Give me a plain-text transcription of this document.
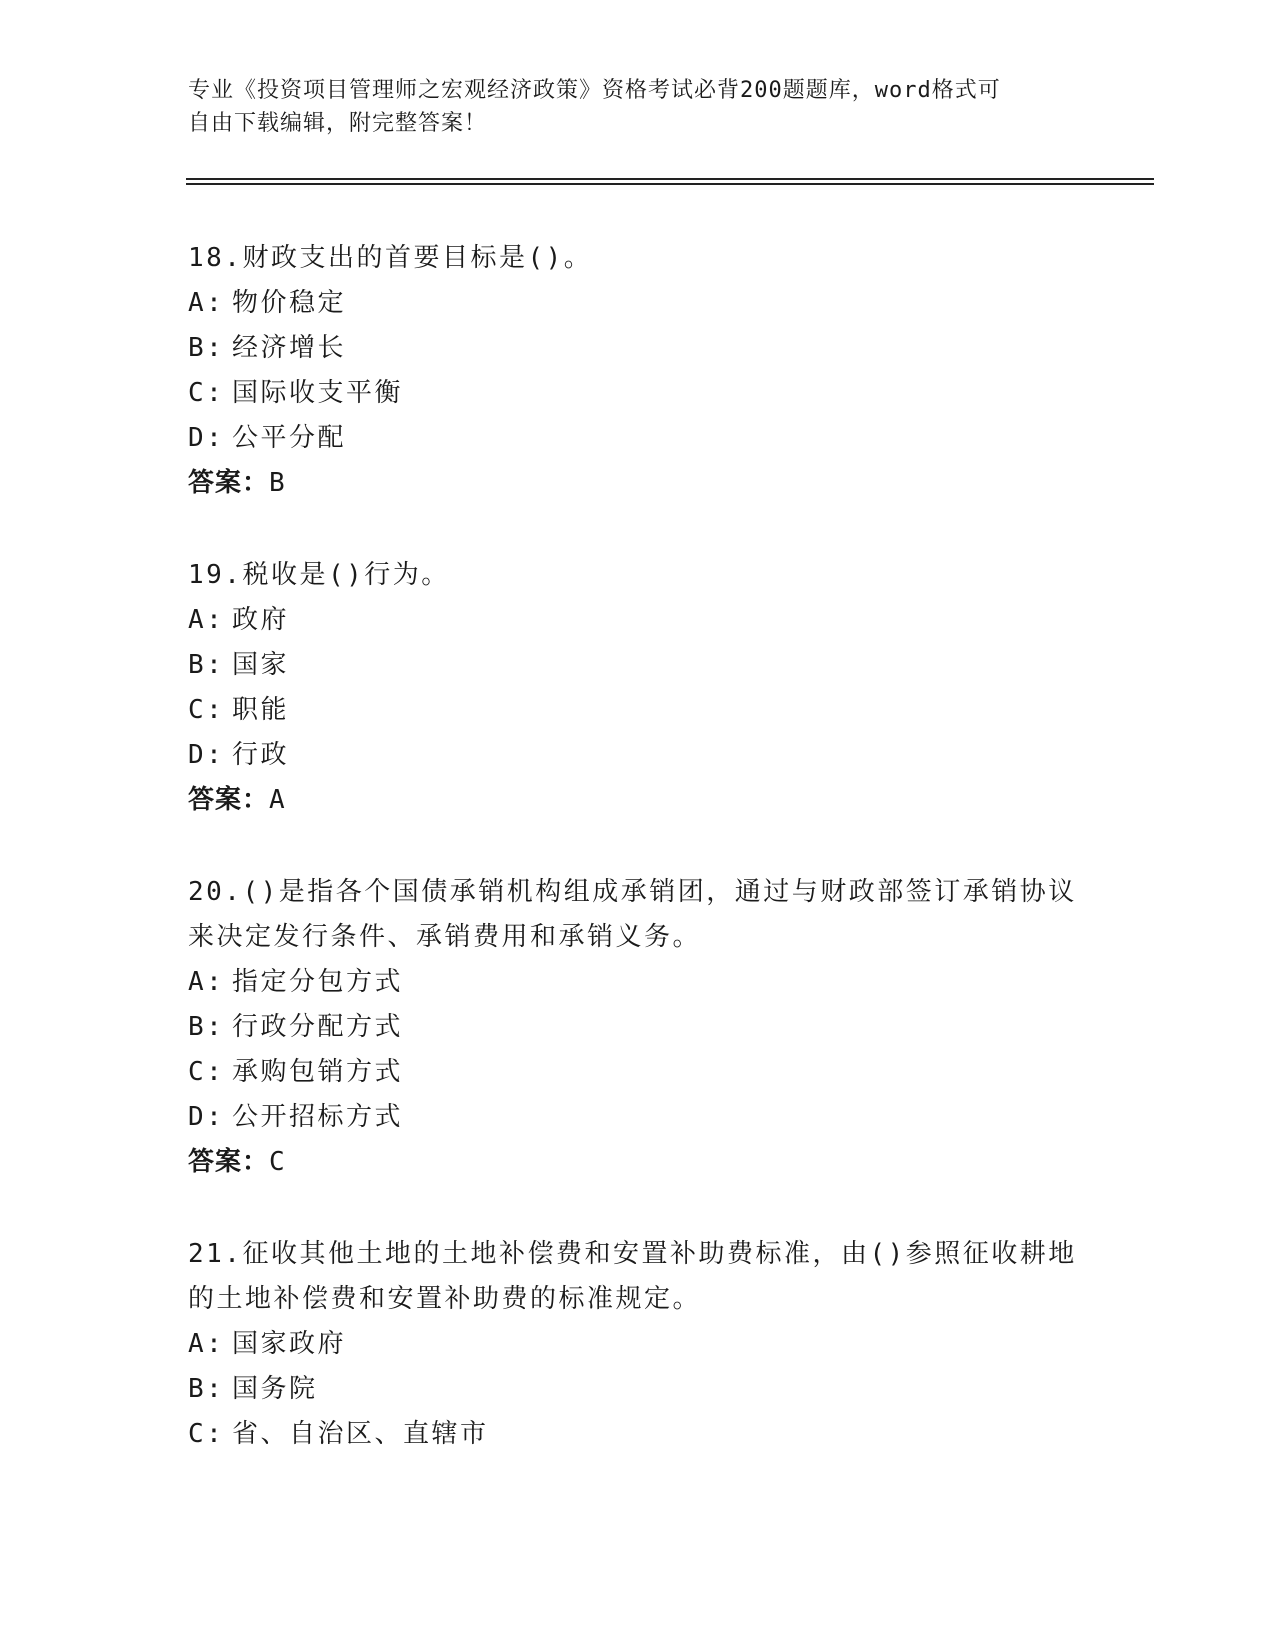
专业《投资项目管理师之宏观经济政策》资格考试必背200题题库，word格式可
自由下载编辑，附完整答案！
18.财政支出的首要目标是()。
A: 物价稳定
B: 经济增长
C: 国际收支平衡
D: 公平分配
答案：B
19.税收是()行为。
A: 政府
B: 国家
C: 职能
D: 行政
答案：A
20.()是指各个国债承销机构组成承销团，通过与财政部签订承销协议来决定发行条件、承销费用和承销义务。
A: 指定分包方式
B: 行政分配方式
C: 承购包销方式
D: 公开招标方式
答案：C
21.征收其他土地的土地补偿费和安置补助费标准，由()参照征收耕地的土地补偿费和安置补助费的标准规定。
A: 国家政府
B: 国务院
C: 省、自治区、直辖市
